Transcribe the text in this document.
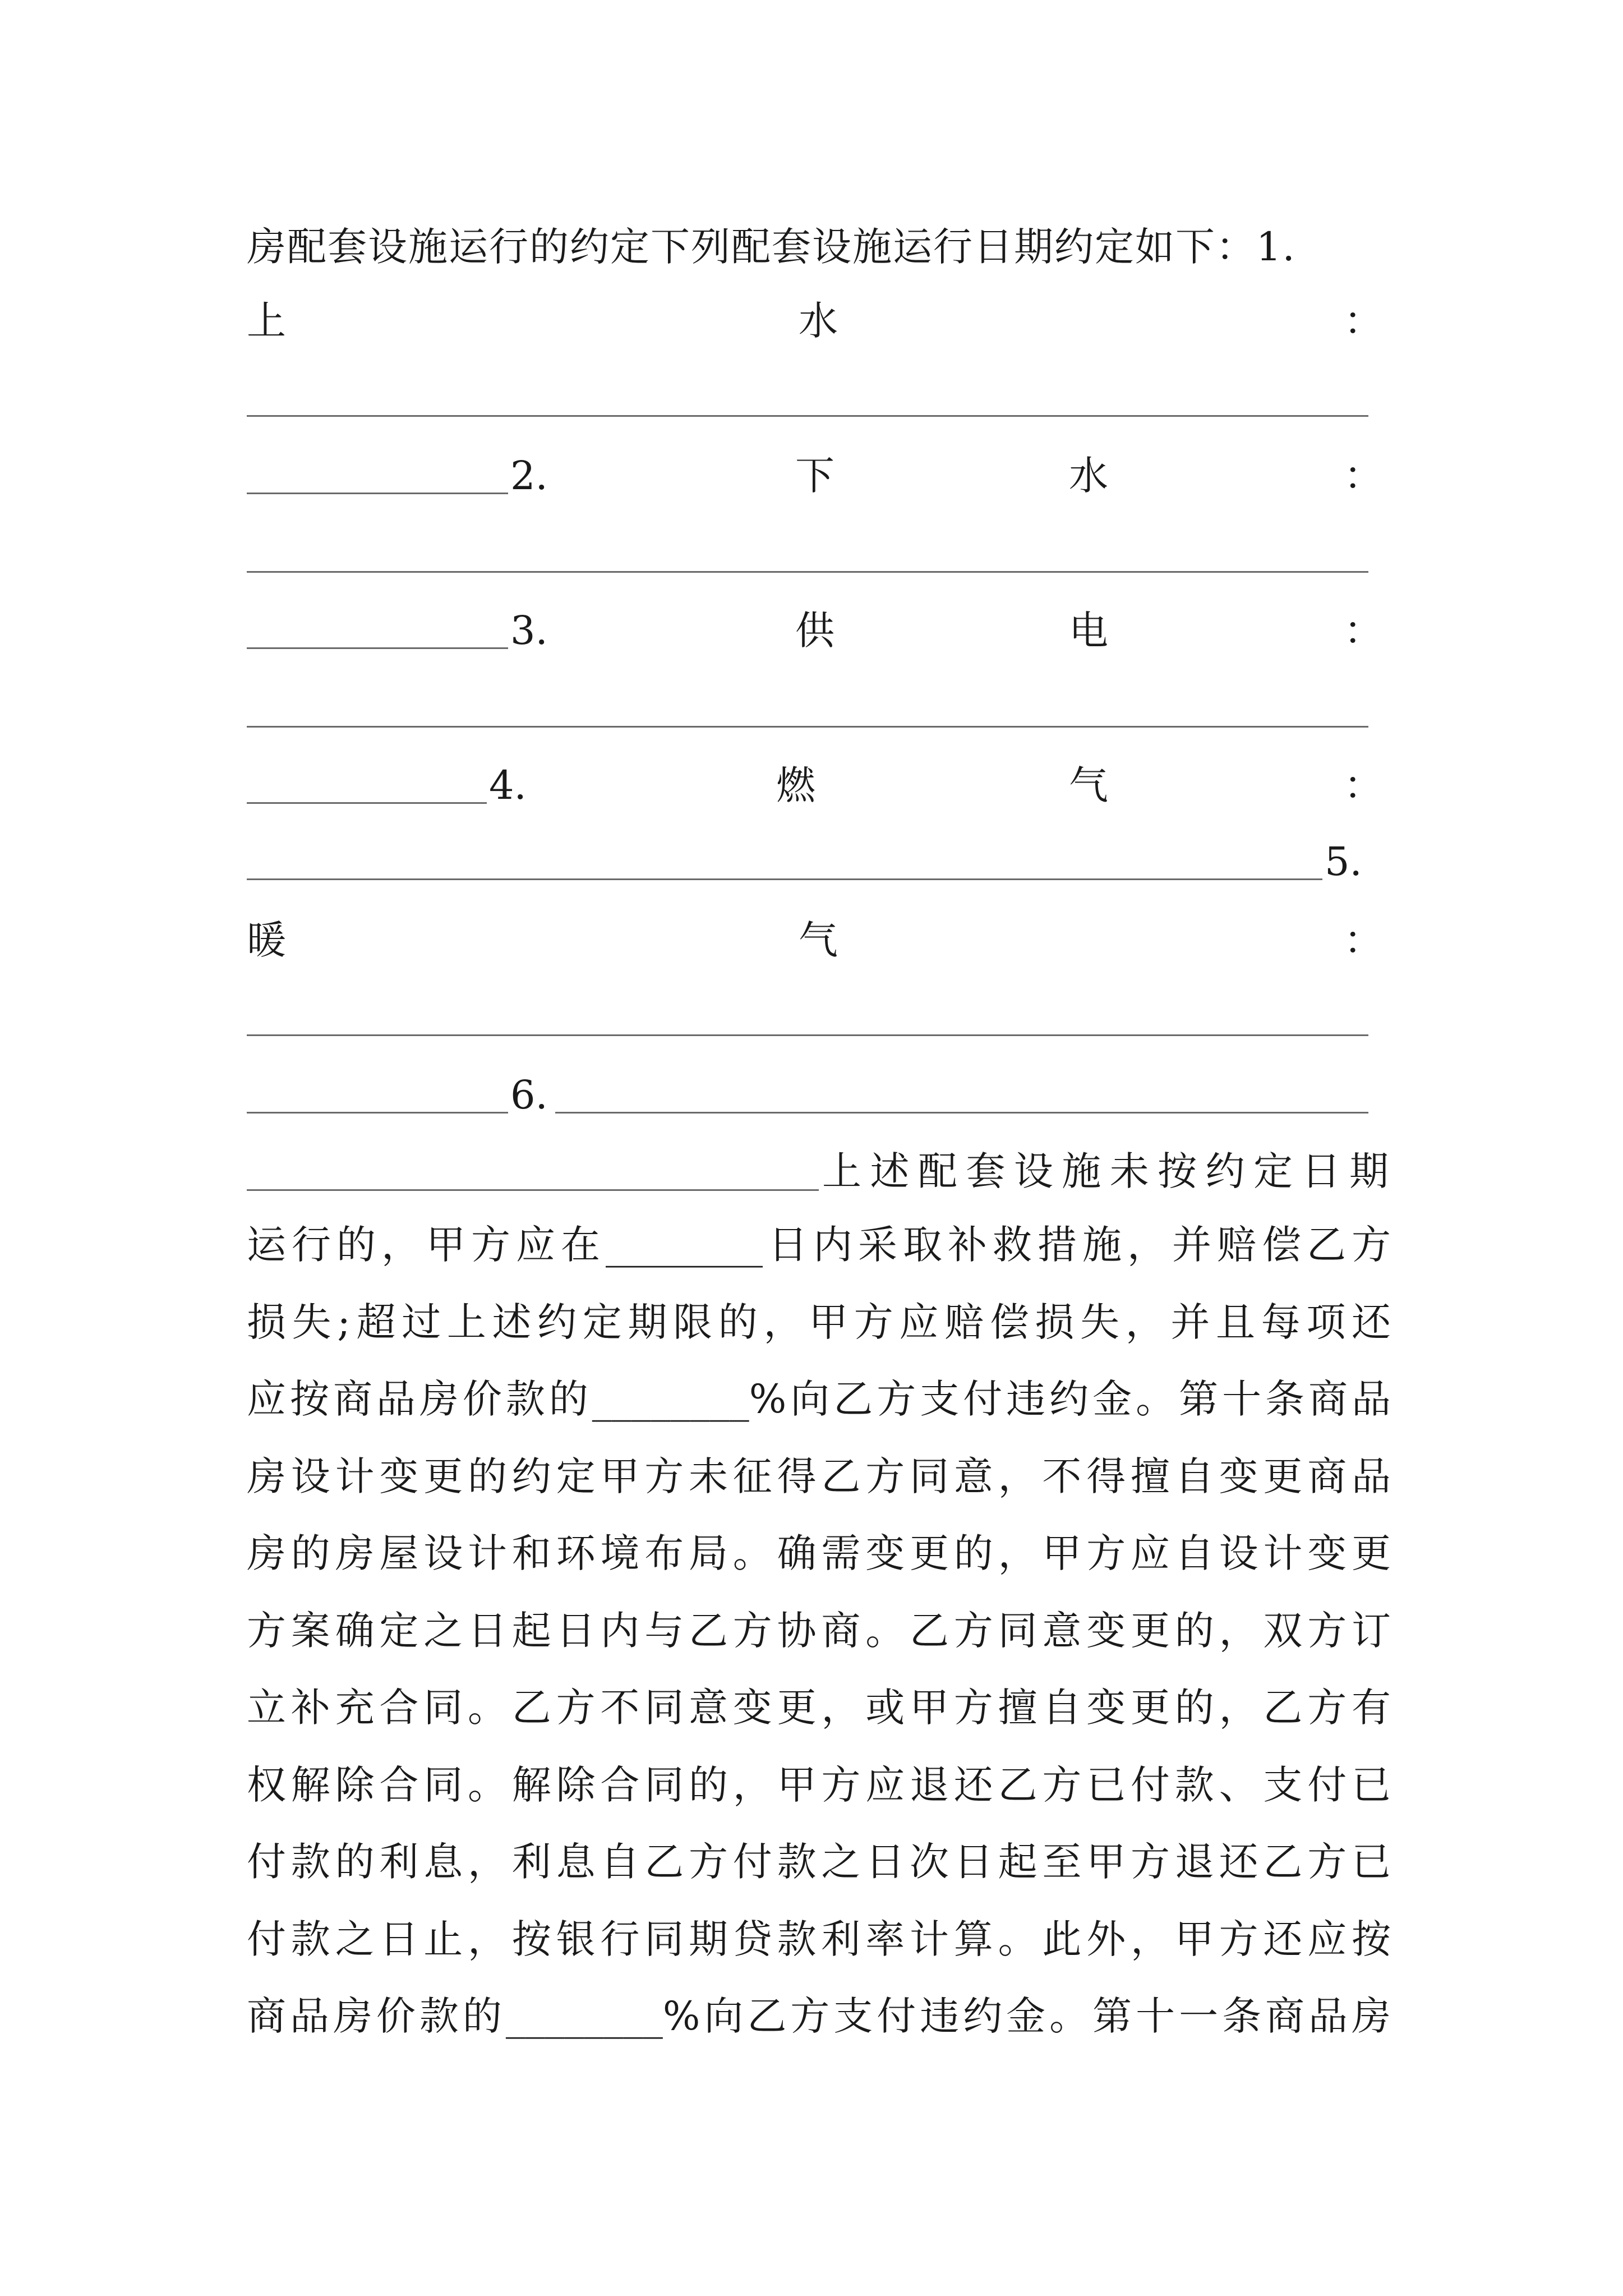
房配套设施运行的约定下列配套设施运行日期约定如下：1.
上	水	：
2.	下	水	：
3.	供	电	：
4.	燃	气	：
5.
暖	气	：
6.
上述配套设施未按约定日期
运行的，甲方应在________日内采取补救措施，并赔偿乙方
损失;超过上述约定期限的，甲方应赔偿损失，并且每项还
应按商品房价款的________%向乙方支付违约金。第十条商品
房设计变更的约定甲方未征得乙方同意，不得擅自变更商品
房的房屋设计和环境布局。确需变更的，甲方应自设计变更
方案确定之日起日内与乙方协商。乙方同意变更的，双方订
立补充合同。乙方不同意变更，或甲方擅自变更的，乙方有
权解除合同。解除合同的，甲方应退还乙方已付款、支付已
付款的利息，利息自乙方付款之日次日起至甲方退还乙方已
付款之日止，按银行同期贷款利率计算。此外，甲方还应按
商品房价款的________%向乙方支付违约金。第十一条商品房
